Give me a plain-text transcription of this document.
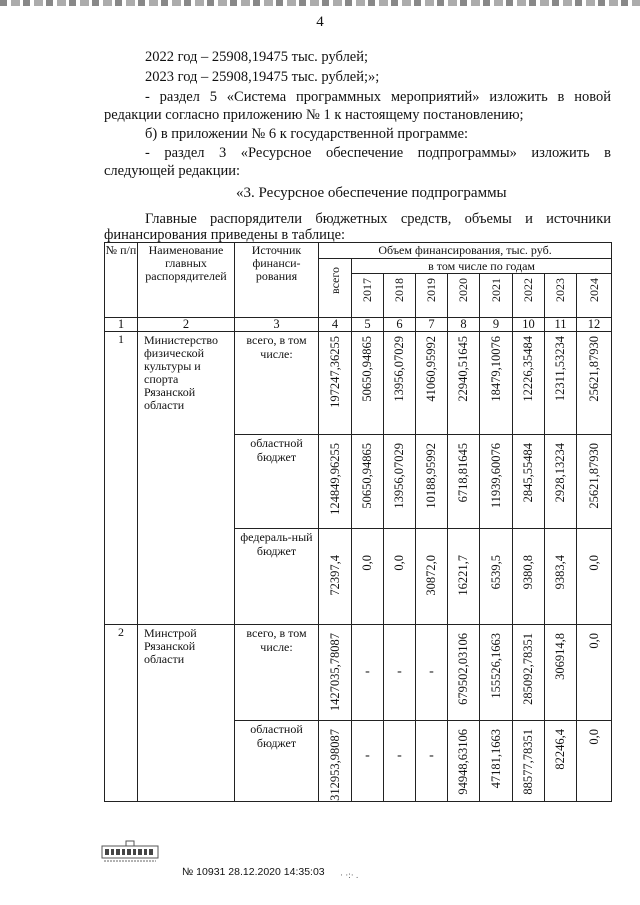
4
2022 год – 25908,19475 тыс. рублей;
2023 год – 25908,19475 тыс. рублей;»;
- раздел 5 «Система программных мероприятий» изложить в новой
редакции согласно приложению № 1 к настоящему постановлению;
б) в приложении № 6 к государственной программе:
- раздел 3 «Ресурсное обеспечение подпрограммы» изложить в
следующей редакции:
«3. Ресурсное обеспечение подпрограммы
Главные распорядители бюджетных средств, объемы и источники
финансирования приведены в таблице:
№ п/п	Наименование главных распорядителей	Источник финанси-рования	Объем финансирования, тыс. руб.								

			всего	в том числе по годам							

				2017	2018	2019	2020	2021	2022	2023	2024

1	2	3	4	5	6	7	8	9	10	11	12
1	Министерство физической культуры и спорта Рязанской области	всего, в том числе:	197247,36255	50650,94865	13956,07029	41060,95992	22940,51645	18479,10076	12226,35484	12311,53234	25621,87930

		областной бюджет	124849,96255	50650,94865	13956,07029	10188,95992	6718,81645	11939,60076	2845,55484	2928,13234	25621,87930

		федераль-ный бюджет	72397,4	0,0	0,0	30872,0	16221,7	6539,5	9380,8	9383,4	0,0

2	Минстрой Рязанской области	всего, в том числе:	1427035,78087	-	-	-	679502,03106	155526,1663	285092,78351	306914,8	0,0

		областной бюджет	312953,98087	-	-	-	94948,63106	47181,1663	88577,78351	82246,4	0,0
№ 10931 28.12.2020 14:35:03 · ·:· .
